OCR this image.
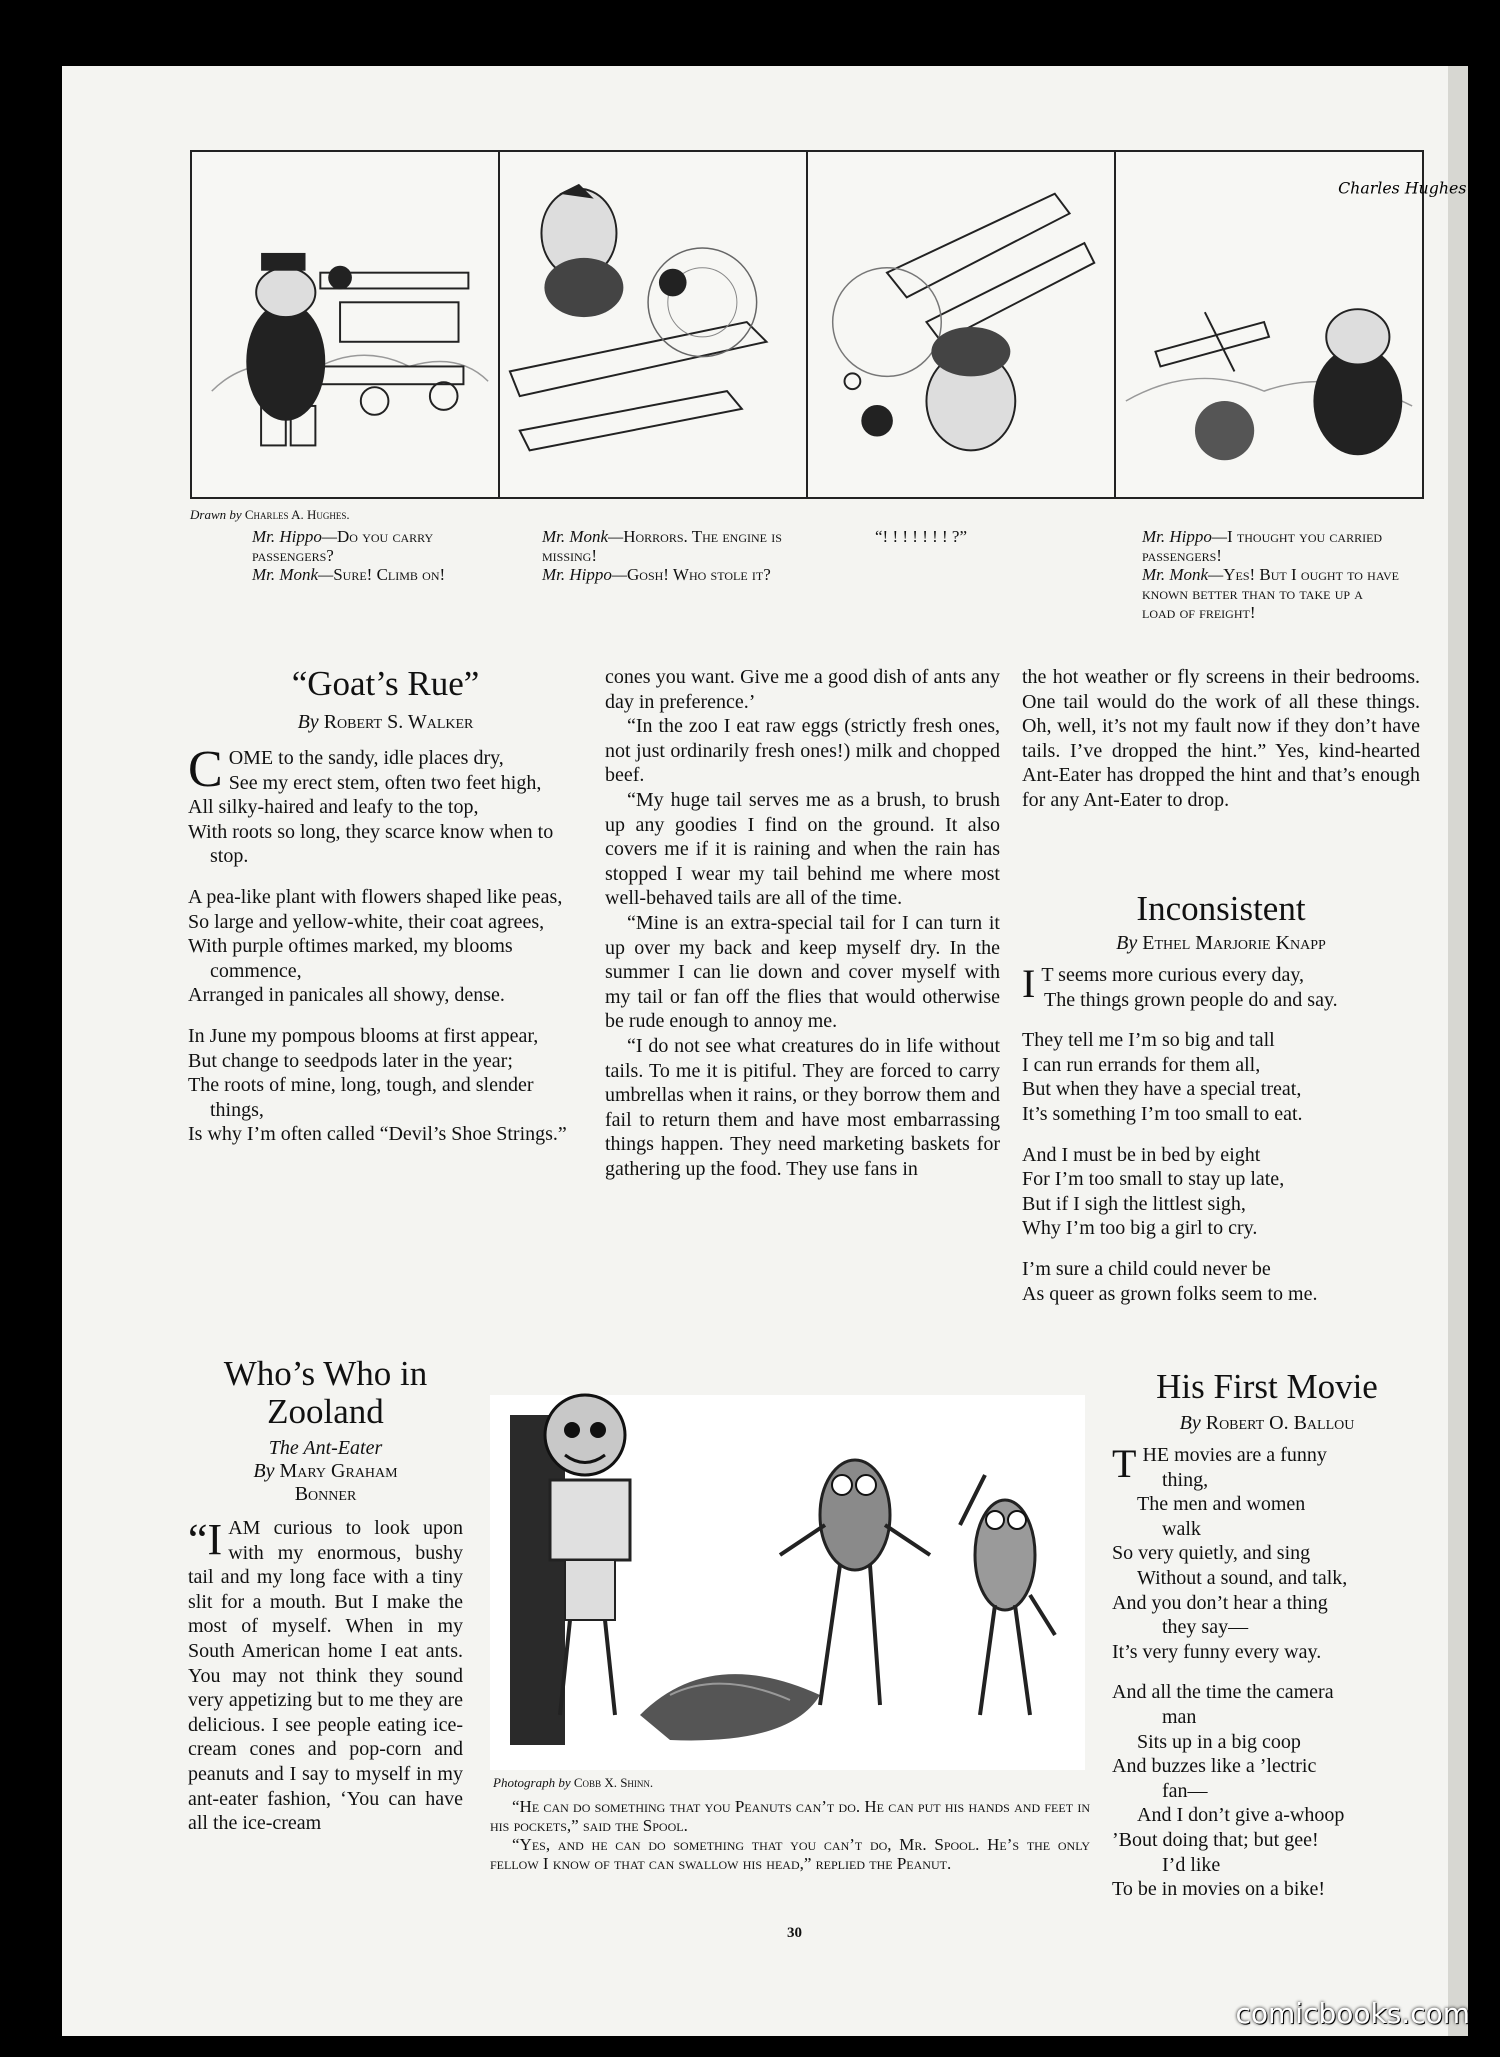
Charles Hughes
Drawn by Charles A. Hughes.
Mr. Hippo—Do you carry passengers?
Mr. Monk—Sure! Climb on!
Mr. Monk—Horrors. The engine is missing!
Mr. Hippo—Gosh! Who stole it?
“! ! ! ! ! ! ! ?”	Mr. Hippo—I thought you carried passengers!
Mr. Monk—Yes! But I ought to have known better than to take up a load of freight!
“Goat’s Rue”
By Robert S. Walker
C OME to the sandy, idle places dry,
See my erect stem, often two feet high,
All silky-haired and leafy to the top,
With roots so long, they scarce know when to stop.
A pea-like plant with flowers shaped like peas,
So large and yellow-white, their coat agrees,
With purple oftimes marked, my blooms commence,
Arranged in panicales all showy, dense.
In June my pompous blooms at first appear,
But change to seedpods later in the year;
The roots of mine, long, tough, and slender things,
Is why I’m often called “Devil’s Shoe Strings.”
Who’s Who in
Zooland
The Ant-Eater
By Mary Graham
Bonner
“IAM curious to look upon with my enormous, bushy tail and my long face with a tiny slit for a mouth. But I make the most of myself. When in my South American home I eat ants. You may not think they sound very appetizing but to me they are delicious. I see people eating ice-cream cones and pop-corn and peanuts and I say to myself in my ant-eater fashion, ‘You can have all the ice-cream
cones you want. Give me a good dish of ants any day in preference.’
“In the zoo I eat raw eggs (strictly fresh ones, not just ordinarily fresh ones!) milk and chopped beef.
“My huge tail serves me as a brush, to brush up any goodies I find on the ground. It also covers me if it is raining and when the rain has stopped I wear my tail behind me where most well-behaved tails are all of the time.
“Mine is an extra-special tail for I can turn it up over my back and keep myself dry. In the summer I can lie down and cover myself with my tail or fan off the flies that would otherwise be rude enough to annoy me.
“I do not see what creatures do in life without tails. To me it is pitiful. They are forced to carry umbrellas when it rains, or they borrow them and fail to return them and have most embarrassing things happen. They need marketing baskets for gathering up the food. They use fans in
the hot weather or fly screens in their bedrooms. One tail would do the work of all these things. Oh, well, it’s not my fault now if they don’t have tails. I’ve dropped the hint.” Yes, kind-hearted Ant-Eater has dropped the hint and that’s enough for any Ant-Eater to drop.
Inconsistent
By Ethel Marjorie Knapp
I T seems more curious every day,
The things grown people do and say.
They tell me I’m so big and tall
I can run errands for them all,
But when they have a special treat,
It’s something I’m too small to eat.
And I must be in bed by eight
For I’m too small to stay up late,
But if I sigh the littlest sigh,
Why I’m too big a girl to cry.
I’m sure a child could never be
As queer as grown folks seem to me.
Photograph by Cobb X. Shinn.
“He can do something that you Peanuts can’t do. He can put his hands and feet in his pockets,” said the Spool.
“Yes, and he can do something that you can’t do, Mr. Spool. He’s the only fellow I know of that can swallow his head,” replied the Peanut.
His First Movie
By Robert O. Ballou
T HE movies are a funny
thing,
The men and women
walk
So very quietly, and sing
Without a sound, and talk,
And you don’t hear a thing
they say—
It’s very funny every way.
And all the time the camera
man
Sits up in a big coop
And buzzes like a ’lectric
fan—
And I don’t give a-whoop
’Bout doing that; but gee!
I’d like
To be in movies on a bike!
30
comicbooks.com
